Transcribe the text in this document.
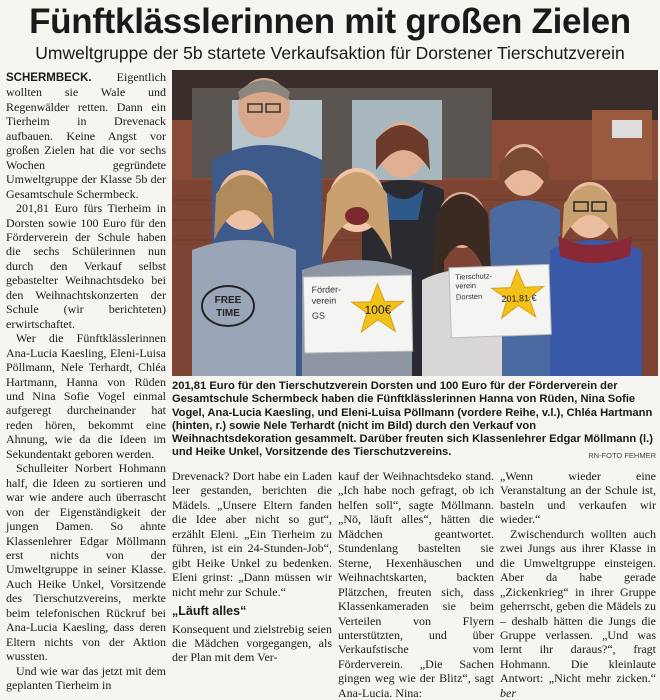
Fünftklässlerinnen mit großen Zielen
Umweltgruppe der 5b startete Verkaufsaktion für Dorstener Tierschutzverein

SCHERMBECK. Eigentlich wollten sie Wale und Regenwälder retten. Dann ein Tierheim in Drevenack aufbauen. Keine Angst vor großen Zielen hat die vor sechs Wochen gegründete Umweltgruppe der Klasse 5b der Gesamtschule Schermbeck.

201,81 Euro fürs Tierheim in Dorsten sowie 100 Euro für den Förderverein der Schule haben die sechs Schülerinnen nun durch den Verkauf selbst gebastelter Weihnachtsdeko bei den Weihnachtskonzerten der Schule (wir berichteten) erwirtschaftet.

Wer die Fünftklässlerinnen Ana-Lucia Kaesling, Eleni-Luisa Pöllmann, Nele Terhardt, Chléa Hartmann, Hanna von Rüden und Nina Sofie Vogel einmal aufgeregt durcheinander hat reden hören, bekommt eine Ahnung, wie da die Ideen im Sekundentakt geboren werden.

Schulleiter Norbert Hohmann half, die Ideen zu sortieren und war wie andere auch überrascht von der Eigenständigkeit der jungen Damen. So ahnte Klassenlehrer Edgar Möllmann erst nichts von der Umweltgruppe in seiner Klasse. Auch Heike Unkel, Vorsitzende des Tierschutzvereins, merkte beim telefonischen Rückruf bei Ana-Lucia Kaesling, dass deren Eltern nichts von der Aktion wussten.

Und wie war das jetzt mit dem geplanten Tierheim in

FREE
TIME
Förder-
verein
GS	100€
Tierschutz-
verein
Dorsten 201,81 €
201,81 Euro für den Tierschutzverein Dorsten und 100 Euro für der Förderverein der Gesamtschule Schermbeck haben die Fünftklässlerinnen Hanna von Rüden, Nina Sofie Vogel, Ana-Lucia Kaesling, und Eleni-Luisa Pöllmann (vordere Reihe, v.l.), Chléa Hartmann (hinten, r.) sowie Nele Terhardt (nicht im Bild) durch den Verkauf von Weihnachtsdekoration gesammelt. Darüber freuten sich Klassenlehrer Edgar Möllmann (l.) und Heike Unkel, Vorsitzende des Tierschutzvereins.	RN-FOTO FEHMER

Drevenack? Dort habe ein Laden leer gestanden, berichten die Mädels. „Unsere Eltern fanden die Idee aber nicht so gut“, erzählt Eleni. „Ein Tierheim zu führen, ist ein 24-Stunden-Job“, gibt Heike Unkel zu bedenken. Eleni grinst: „Dann müssen wir nicht mehr zur Schule.“

„Läuft alles“

Konsequent und zielstrebig seien die Mädchen vorgegangen, als der Plan mit dem Ver-

kauf der Weihnachtsdeko stand. „Ich habe noch gefragt, ob ich helfen soll“, sagte Möllmann. „Nö, läuft alles“, hätten die Mädchen geantwortet. Stundenlang bastelten sie Sterne, Hexenhäuschen und Weihnachtskarten, backten Plätzchen, freuten sich, dass Klassenkameraden sie beim Verteilen von Flyern unterstützten, und über Verkaufstische vom Förderverein. „Die Sachen gingen weg wie der Blitz“, sagt Ana-Lucia. Nina:

„Wenn wieder eine Veranstaltung an der Schule ist, basteln und verkaufen wir wieder.“

Zwischendurch wollten auch zwei Jungs aus ihrer Klasse in die Umweltgruppe einsteigen. Aber da habe gerade „Zickenkrieg“ in ihrer Gruppe geherrscht, geben die Mädels zu – deshalb hätten die Jungs die Gruppe verlassen. „Und was lernt ihr daraus?“, fragt Hohmann. Die kleinlaute Antwort: „Nicht mehr zicken.“ ber
